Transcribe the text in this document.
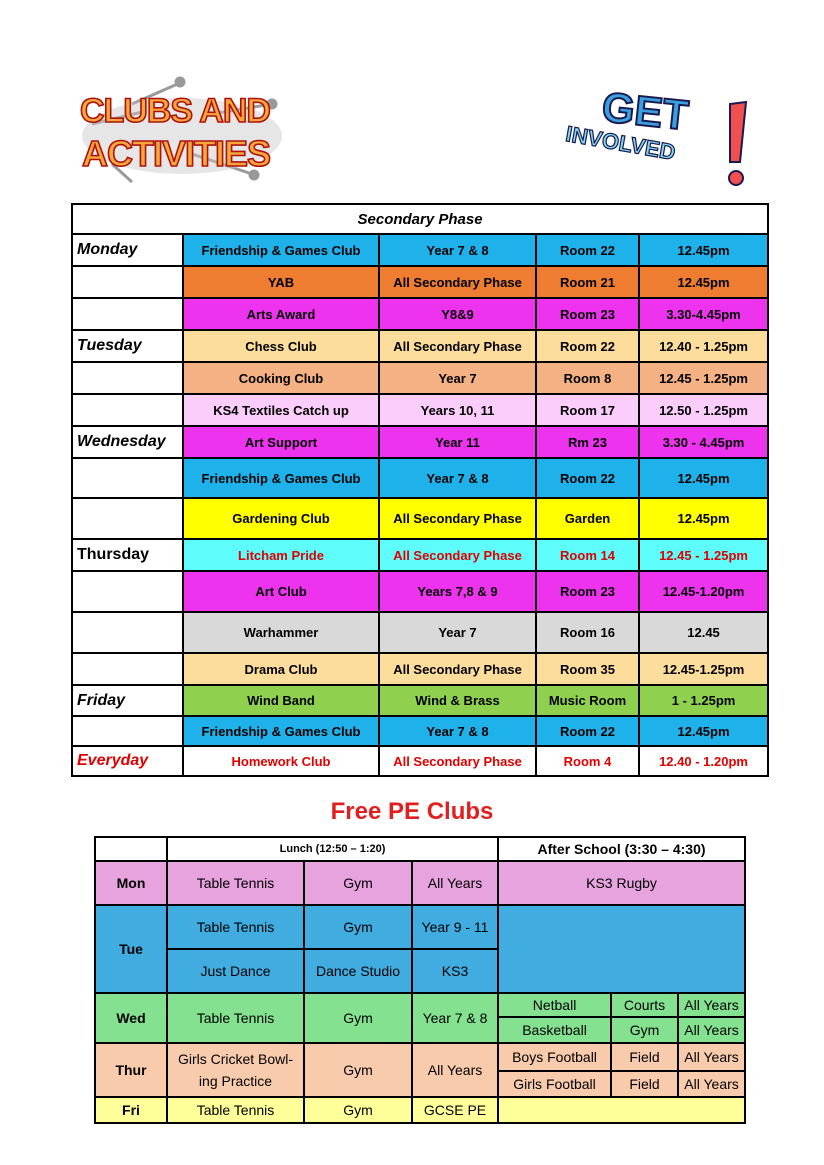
CLUBS AND
ACTIVITIES
GET
INVOLVED
Secondary Phase				
Monday	Friendship & Games Club	Year 7 & 8	Room 22	12.45pm
	YAB	All Secondary Phase	Room 21	12.45pm
	Arts Award	Y8&9	Room 23	3.30-4.45pm
Tuesday	Chess Club	All Secondary Phase	Room 22	12.40 - 1.25pm
	Cooking Club	Year 7	Room 8	12.45 - 1.25pm
	KS4 Textiles Catch up	Years 10, 11	Room 17	12.50 - 1.25pm
Wednesday	Art Support	Year 11	Rm 23	3.30 - 4.45pm
	Friendship & Games Club	Year 7 & 8	Room 22	12.45pm
	Gardening Club	All Secondary Phase	Garden	12.45pm
Thursday	Litcham Pride	All Secondary Phase	Room 14	12.45 - 1.25pm
	Art Club	Years 7,8 & 9	Room 23	12.45-1.20pm
	Warhammer	Year 7	Room 16	12.45
	Drama Club	All Secondary Phase	Room 35	12.45-1.25pm
Friday	Wind Band	Wind & Brass	Music Room	1 - 1.25pm
	Friendship & Games Club	Year 7 & 8	Room 22	12.45pm
Everyday	Homework Club	All Secondary Phase	Room 4	12.40 - 1.20pm
Free PE Clubs
	Lunch (12:50 – 1:20)			After School (3:30 – 4:30)		
Mon	Table Tennis	Gym	All Years	KS3 Rugby		
Tue	Table Tennis	Gym	Year 9 - 11			
	Just Dance	Dance Studio	KS3			
Wed	Table Tennis	Gym	Year 7 & 8	Netball	Courts	All Years
				Basketball	Gym	All Years
Thur	Girls Cricket Bowl-ing Practice	Gym	All Years	Boys Football	Field	All Years
				Girls Football	Field	All Years
Fri	Table Tennis	Gym	GCSE PE			
